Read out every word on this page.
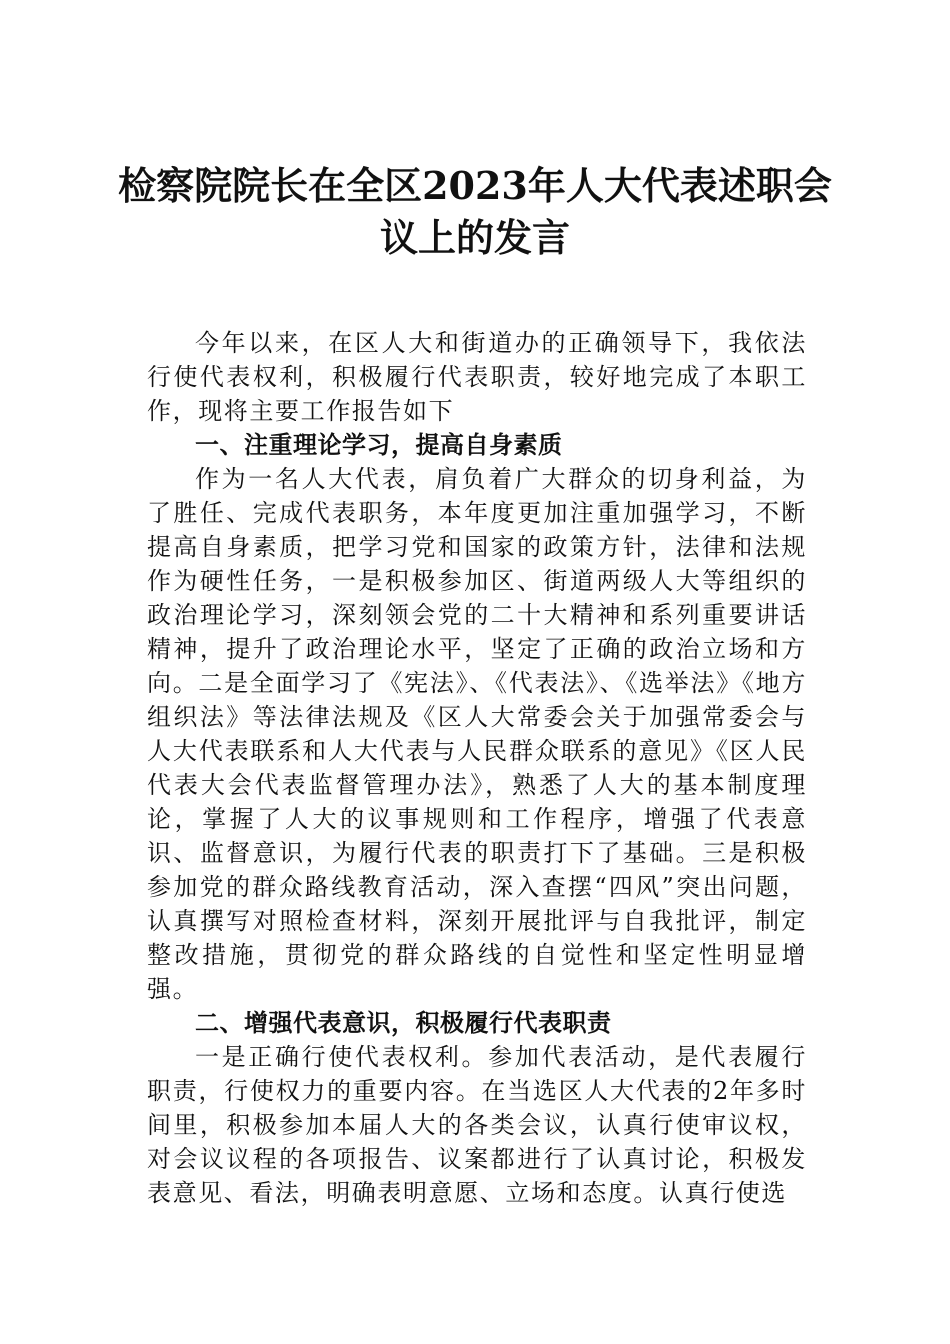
检察院院长在全区2023年人大代表述职会
议上的发言

今年以来，在区人大和街道办的正确领导下，我依法行使代表权利，积极履行代表职责，较好地完成了本职工作，现将主要工作报告如下

一、注重理论学习，提高自身素质

作为一名人大代表，肩负着广大群众的切身利益，为了胜任、完成代表职务，本年度更加注重加强学习，不断提高自身素质，把学习党和国家的政策方针，法律和法规作为硬性任务，一是积极参加区、街道两级人大等组织的政治理论学习，深刻领会党的二十大精神和系列重要讲话精神，提升了政治理论水平，坚定了正确的政治立场和方向。二是全面学习了《宪法》、《代表法》、《选举法》《地方组织法》等法律法规及《区人大常委会关于加强常委会与人大代表联系和人大代表与人民群众联系的意见》《区人民代表大会代表监督管理办法》，熟悉了人大的基本制度理论，掌握了人大的议事规则和工作程序，增强了代表意识、监督意识，为履行代表的职责打下了基础。三是积极参加党的群众路线教育活动，深入查摆“四风”突出问题，认真撰写对照检查材料，深刻开展批评与自我批评，制定整改措施，贯彻党的群众路线的自觉性和坚定性明显增强。

二、增强代表意识，积极履行代表职责

一是正确行使代表权利。参加代表活动，是代表履行职责，行使权力的重要内容。在当选区人大代表的2年多时间里，积极参加本届人大的各类会议，认真行使审议权，对会议议程的各项报告、议案都进行了认真讨论，积极发表意见、看法，明确表明意愿、立场和态度。认真行使选
